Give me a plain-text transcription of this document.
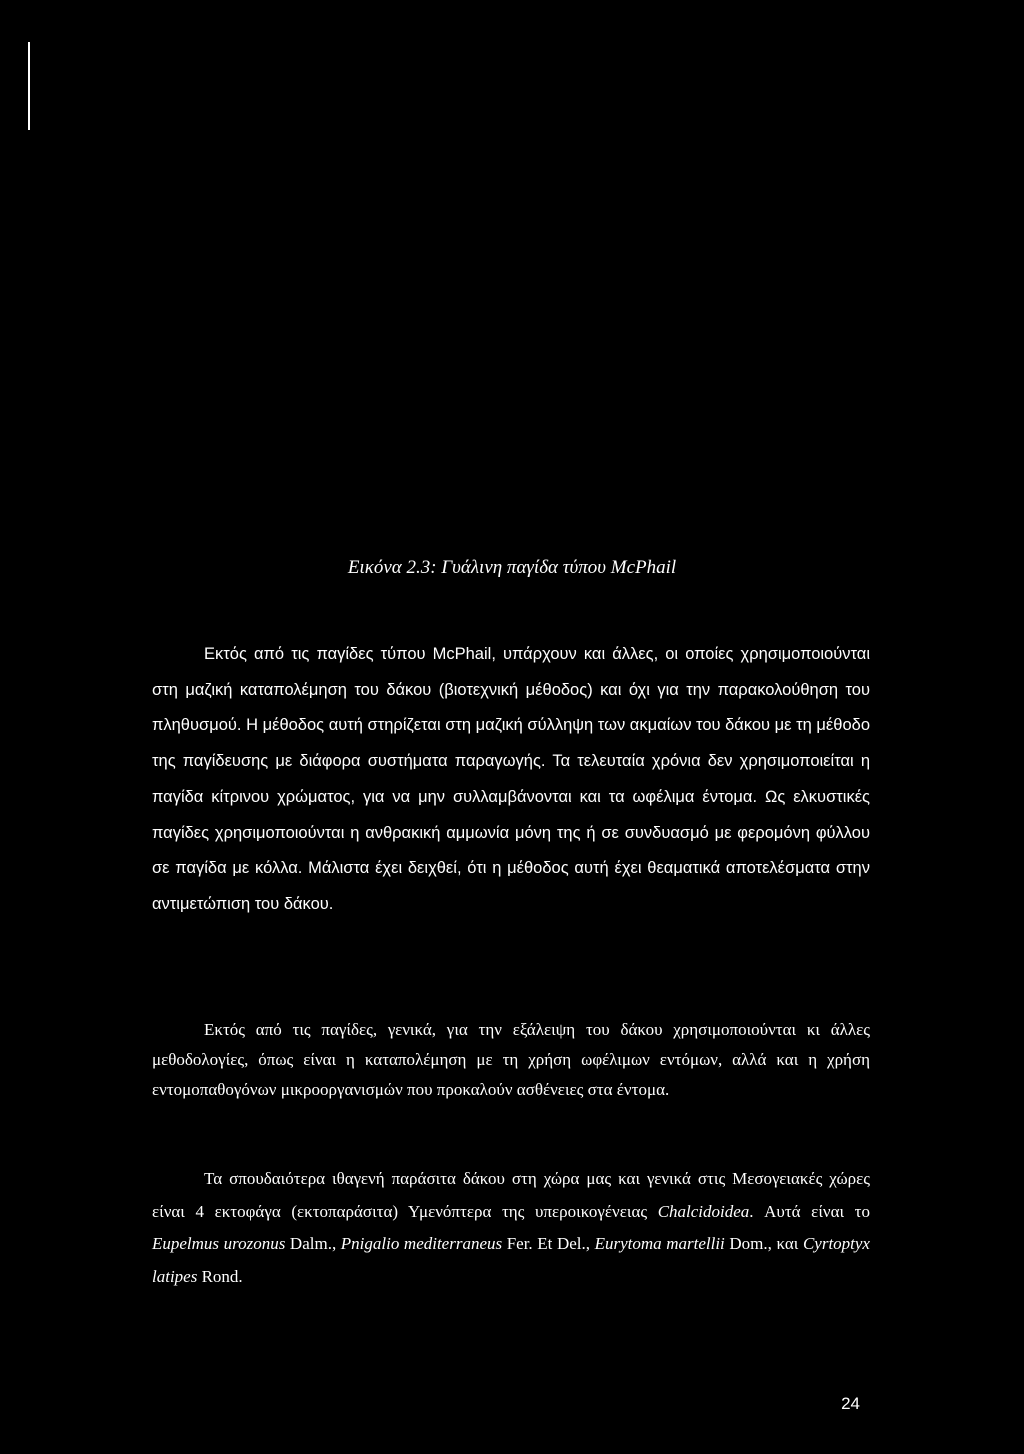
Εικόνα 2.3: Γυάλινη παγίδα τύπου McPhail

Εκτός από τις παγίδες τύπου McPhail, υπάρχουν και άλλες, οι οποίες χρησιμοποιούνται στη μαζική καταπολέμηση του δάκου (βιοτεχνική μέθοδος) και όχι για την παρακολούθηση του πληθυσμού. Η μέθοδος αυτή στηρίζεται στη μαζική σύλληψη των ακμαίων του δάκου με τη μέθοδο της παγίδευσης με διάφορα συστήματα παραγωγής. Τα τελευταία χρόνια δεν χρησιμοποιείται η παγίδα κίτρινου χρώματος, για να μην συλλαμβάνονται και τα ωφέλιμα έντομα. Ως ελκυστικές παγίδες χρησιμοποιούνται η ανθρακική αμμωνία μόνη της ή σε συνδυασμό με φερομόνη φύλλου σε παγίδα με κόλλα. Μάλιστα έχει δειχθεί, ότι η μέθοδος αυτή έχει θεαματικά αποτελέσματα στην αντιμετώπιση του δάκου.

Εκτός από τις παγίδες, γενικά, για την εξάλειψη του δάκου χρησιμοποιούνται κι άλλες μεθοδολογίες, όπως είναι η καταπολέμηση με τη χρήση ωφέλιμων εντόμων, αλλά και η χρήση εντομοπαθογόνων μικροοργανισμών που προκαλούν ασθένειες στα έντομα.

Τα σπουδαιότερα ιθαγενή παράσιτα δάκου στη χώρα μας και γενικά στις Μεσογειακές χώρες είναι 4 εκτοφάγα (εκτοπαράσιτα) Υμενόπτερα της υπεροικογένειας Chalcidoidea. Αυτά είναι το Eupelmus urozonus Dalm., Pnigalio mediterraneus Fer. Et Del., Eurytoma martellii Dom., και Cyrtoptyx latipes Rond.

24
